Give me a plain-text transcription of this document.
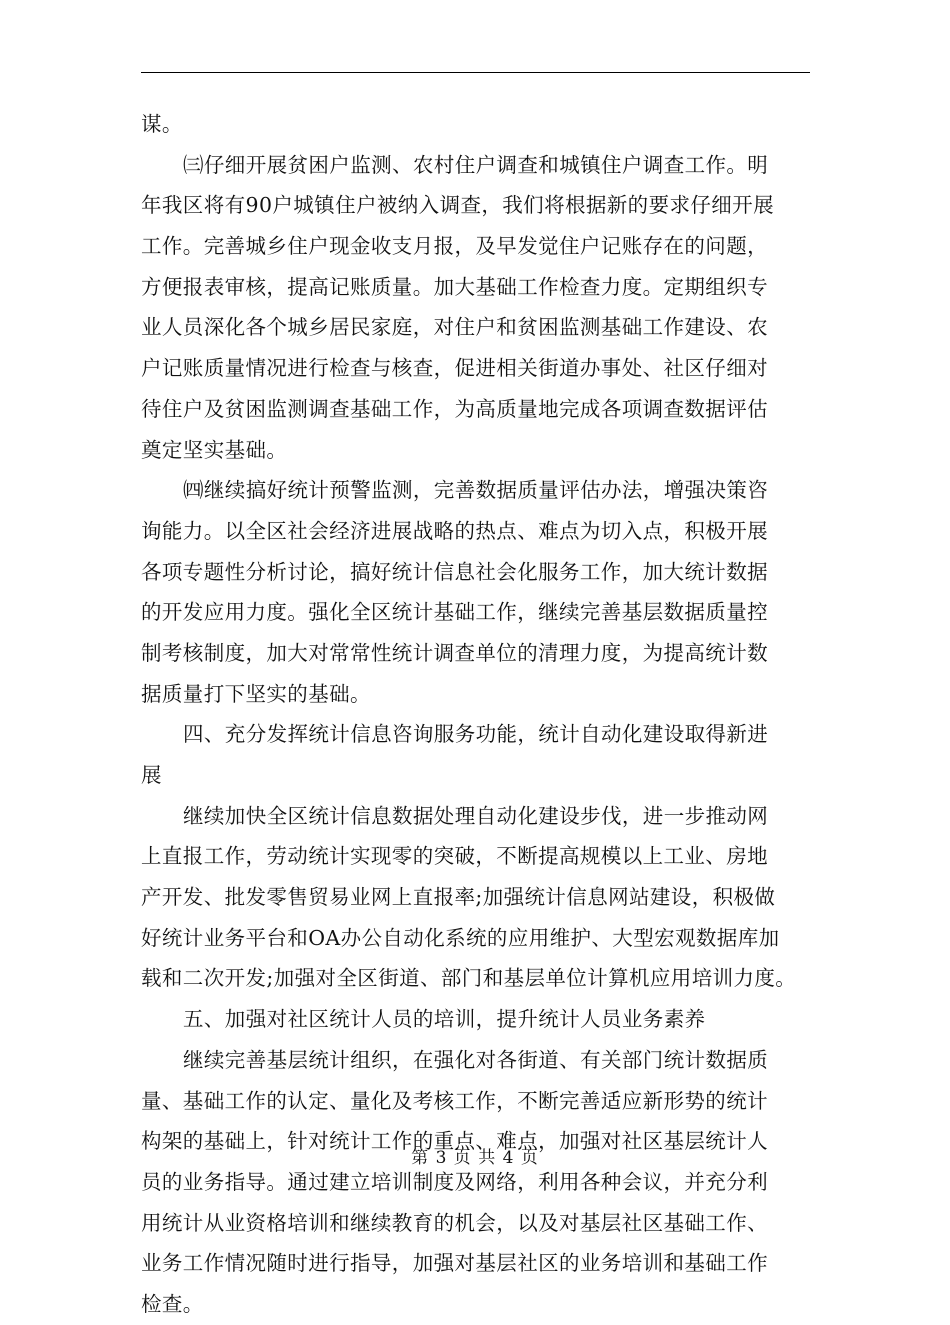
谋。

㈢仔细开展贫困户监测、农村住户调查和城镇住户调查工作。明
年我区将有90户城镇住户被纳入调查，我们将根据新的要求仔细开展
工作。完善城乡住户现金收支月报，及早发觉住户记账存在的问题，
方便报表审核，提高记账质量。加大基础工作检查力度。定期组织专
业人员深化各个城乡居民家庭，对住户和贫困监测基础工作建设、农
户记账质量情况进行检查与核查，促进相关街道办事处、社区仔细对
待住户及贫困监测调查基础工作，为高质量地完成各项调查数据评估
奠定坚实基础。

㈣继续搞好统计预警监测，完善数据质量评估办法，增强决策咨
询能力。以全区社会经济进展战略的热点、难点为切入点，积极开展
各项专题性分析讨论，搞好统计信息社会化服务工作，加大统计数据
的开发应用力度。强化全区统计基础工作，继续完善基层数据质量控
制考核制度，加大对常常性统计调查单位的清理力度，为提高统计数
据质量打下坚实的基础。

四、充分发挥统计信息咨询服务功能，统计自动化建设取得新进
展

继续加快全区统计信息数据处理自动化建设步伐，进一步推动网
上直报工作，劳动统计实现零的突破，不断提高规模以上工业、房地
产开发、批发零售贸易业网上直报率;加强统计信息网站建设，积极做
好统计业务平台和OA办公自动化系统的应用维护、大型宏观数据库加
载和二次开发;加强对全区街道、部门和基层单位计算机应用培训力度。

五、加强对社区统计人员的培训，提升统计人员业务素养

继续完善基层统计组织，在强化对各街道、有关部门统计数据质
量、基础工作的认定、量化及考核工作，不断完善适应新形势的统计
构架的基础上，针对统计工作的重点、难点，加强对社区基层统计人
员的业务指导。通过建立培训制度及网络，利用各种会议，并充分利
用统计从业资格培训和继续教育的机会，以及对基层社区基础工作、
业务工作情况随时进行指导，加强对基层社区的业务培训和基础工作
检查。

第 3 页 共 4 页
